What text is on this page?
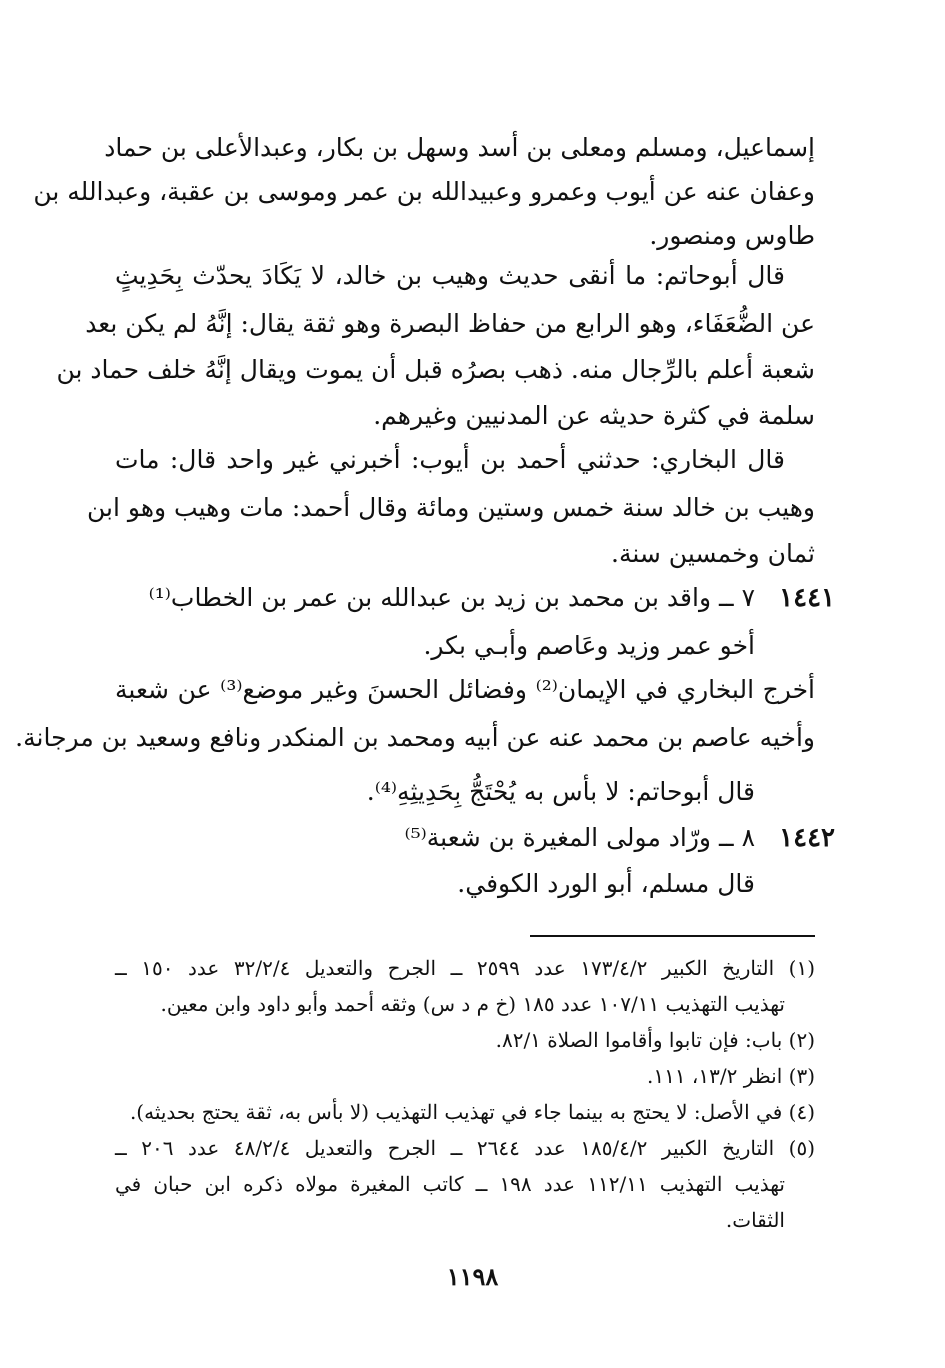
إسماعيل، ومسلم ومعلى بن أسد وسهل بن بكار، وعبدالأعلى بن حماد
وعفان عنه عن أيوب وعمرو وعبيدالله بن عمر وموسى بن عقبة، وعبدالله بن
طاوس ومنصور.
قال أبوحاتم: ما أنقى حديث وهيب بن خالد، لا يَكَادَ يحدّث بِحَدِيثٍ
عن الضُّعَفَاء، وهو الرابع من حفاظ البصرة وهو ثقة يقال: إنَّهُ لم يكن بعد
شعبة أعلم بالرِّجال منه. ذهب بصرُه قبل أن يموت ويقال إنَّهُ خلف حماد بن
سلمة في كثرة حديثه عن المدنيين وغيرهم.
قال البخاري: حدثني أحمد بن أيوب: أخبرني غير واحد قال: مات
وهيب بن خالد سنة خمس وستين ومائة وقال أحمد: مات وهيب وهو ابن
ثمان وخمسين سنة.
١٤٤١
٧ ــ واقد بن محمد بن زيد بن عبدالله بن عمر بن الخطاب⁽¹⁾
أخو عمر وزيد وعَاصم وأبـي بكر.
أخرج البخاري في الإيمان⁽²⁾ وفضائل الحسنَ وغير موضع⁽³⁾ عن شعبة
وأخيه عاصم بن محمد عنه عن أبيه ومحمد بن المنكدر ونافع وسعيد بن مرجانة.
قال أبوحاتم: لا بأس به يُحْتَجُّ بِحَدِيثِهِ⁽⁴⁾.
١٤٤٢
٨ ــ ورّاد مولى المغيرة بن شعبة⁽⁵⁾
قال مسلم، أبو الورد الكوفي.
(١) التاريخ الكبير ١٧٣/٤/٢ عدد ٢٥٩٩ ــ الجرح والتعديل ٣٢/٢/٤ عدد ١٥٠ ــ
تهذيب التهذيب ١٠٧/١١ عدد ١٨٥ (خ م د س) وثقه أحمد وأبو داود وابن معين.
(٢) باب: فإن تابوا وأقاموا الصلاة ٨٢/١.
(٣) انظر ١٣/٢، ١١١.
(٤) في الأصل: لا يحتج به بينما جاء في تهذيب التهذيب (لا بأس به، ثقة يحتج بحديثه).
(٥) التاريخ الكبير ١٨٥/٤/٢ عدد ٢٦٤٤ ــ الجرح والتعديل ٤٨/٢/٤ عدد ٢٠٦ ــ
تهذيب التهذيب ١١٢/١١ عدد ١٩٨ ــ كاتب المغيرة مولاه ذكره ابن حبان في
الثقات.
١١٩٨
